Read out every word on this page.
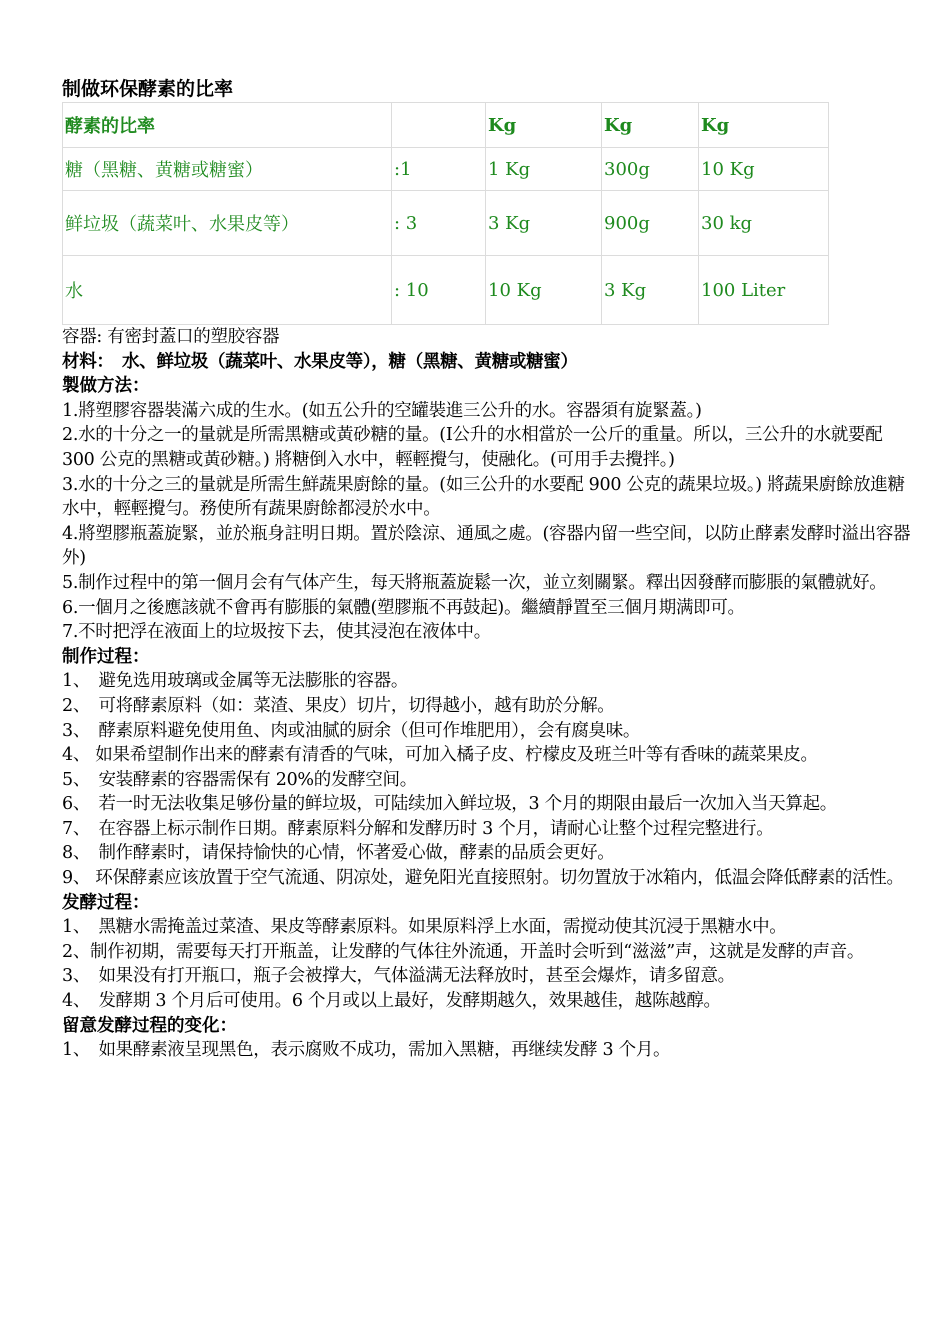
制做环保酵素的比率

酵素的比率		Kg	Kg	Kg
糖（黑糖、黄糖或糖蜜）	:1	1 Kg	300g	10 Kg
鲜垃圾（蔬菜叶、水果皮等）	: 3	3 Kg	900g	30 kg
水	: 10	10 Kg	3 Kg	100 Liter

容器: 有密封蓋口的塑胶容器

材料：　水、鲜垃圾（蔬菜叶、水果皮等），糖（黑糖、黄糖或糖蜜）

製做方法：

1.將塑膠容器裝滿六成的生水。(如五公升的空罐裝進三公升的水。容器須有旋緊蓋。)

2.水的十分之一的量就是所需黑糖或黃砂糖的量。(Ⅰ公升的水相當於一公斤的重量。所以，三公升的水就要配 300 公克的黑糖或黃砂糖。) 將糖倒入水中，輕輕攪勻，使融化。(可用手去攪拌。)

3.水的十分之三的量就是所需生鮮蔬果廚餘的量。(如三公升的水要配 900 公克的蔬果垃圾。) 將蔬果廚餘放進糖水中，輕輕攪勻。務使所有蔬果廚餘都浸於水中。

4.將塑膠瓶蓋旋緊，並於瓶身註明日期。置於陰涼、通風之處。(容器内留一些空间，以防止酵素发酵时溢出容器外)

5.制作过程中的第一個月会有气体产生，每天將瓶蓋旋鬆一次，並立刻關緊。釋出因發酵而膨脹的氣體就好。

6.一個月之後應該就不會再有膨脹的氣體(塑膠瓶不再鼓起)。繼續靜置至三個月期满即可。

7.不时把浮在液面上的垃圾按下去，使其浸泡在液体中。

制作过程：

1、　避免选用玻璃或金属等无法膨胀的容器。

2、　可将酵素原料（如：菜渣、果皮）切片，切得越小，越有助於分解。

3、　酵素原料避免使用鱼、肉或油腻的厨余（但可作堆肥用），会有腐臭味。

4、 如果希望制作出来的酵素有清香的气味，可加入橘子皮、柠檬皮及班兰叶等有香味的蔬菜果皮。

5、　安装酵素的容器需保有 20%的发酵空间。

6、　若一时无法收集足够份量的鲜垃圾，可陆续加入鲜垃圾，3 个月的期限由最后一次加入当天算起。

7、　在容器上标示制作日期。酵素原料分解和发酵历时 3 个月，请耐心让整个过程完整进行。

8、　制作酵素时，请保持愉快的心情，怀著爱心做，酵素的品质会更好。

9、 环保酵素应该放置于空气流通、阴凉处，避免阳光直接照射。切勿置放于冰箱内，低温会降低酵素的活性。

发酵过程：

1、　黑糖水需掩盖过菜渣、果皮等酵素原料。如果原料浮上水面，需搅动使其沉浸于黑糖水中。

2、制作初期，需要每天打开瓶盖，让发酵的气体往外流通，开盖时会听到“滋滋”声，这就是发酵的声音。

3、　如果没有打开瓶口，瓶子会被撑大，气体溢满无法释放时，甚至会爆炸，请多留意。

4、　发酵期 3 个月后可使用。6 个月或以上最好，发酵期越久，效果越佳，越陈越醇。

留意发酵过程的变化：

1、　如果酵素液呈现黑色，表示腐败不成功，需加入黑糖，再继续发酵 3 个月。
